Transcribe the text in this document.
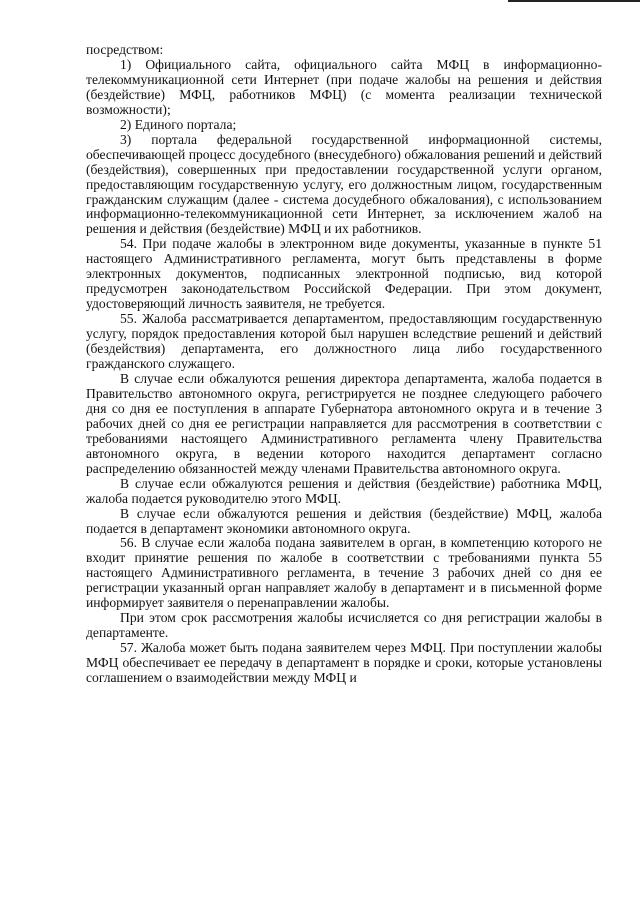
посредством:

1) Официального сайта, официального сайта МФЦ в информационно-телекоммуникационной сети Интернет (при подаче жалобы на решения и действия (бездействие) МФЦ, работников МФЦ) (с момента реализации технической возможности);

2) Единого портала;

3) портала федеральной государственной информационной системы, обеспечивающей процесс досудебного (внесудебного) обжалования решений и действий (бездействия), совершенных при предоставлении государственной услуги органом, предоставляющим государственную услугу, его должностным лицом, государственным гражданским служащим (далее - система досудебного обжалования), с использованием информационно-телекоммуникационной сети Интернет, за исключением жалоб на решения и действия (бездействие) МФЦ и их работников.

54. При подаче жалобы в электронном виде документы, указанные в пункте 51 настоящего Административного регламента, могут быть представлены в форме электронных документов, подписанных электронной подписью, вид которой предусмотрен законодательством Российской Федерации. При этом документ, удостоверяющий личность заявителя, не требуется.

55. Жалоба рассматривается департаментом, предоставляющим государственную услугу, порядок предоставления которой был нарушен вследствие решений и действий (бездействия) департамента, его должностного лица либо государственного гражданского служащего.

В случае если обжалуются решения директора департамента, жалоба подается в Правительство автономного округа, регистрируется не позднее следующего рабочего дня со дня ее поступления в аппарате Губернатора автономного округа и в течение 3 рабочих дней со дня ее регистрации направляется для рассмотрения в соответствии с требованиями настоящего Административного регламента члену Правительства автономного округа, в ведении которого находится департамент согласно распределению обязанностей между членами Правительства автономного округа.

В случае если обжалуются решения и действия (бездействие) работника МФЦ, жалоба подается руководителю этого МФЦ.

В случае если обжалуются решения и действия (бездействие) МФЦ, жалоба подается в департамент экономики автономного округа.

56. В случае если жалоба подана заявителем в орган, в компетенцию которого не входит принятие решения по жалобе в соответствии с требованиями пункта 55 настоящего Административного регламента, в течение 3 рабочих дней со дня ее регистрации указанный орган направляет жалобу в департамент и в письменной форме информирует заявителя о перенаправлении жалобы.

При этом срок рассмотрения жалобы исчисляется со дня регистрации жалобы в департаменте.

57. Жалоба может быть подана заявителем через МФЦ. При поступлении жалобы МФЦ обеспечивает ее передачу в департамент в порядке и сроки, которые установлены соглашением о взаимодействии между МФЦ и
